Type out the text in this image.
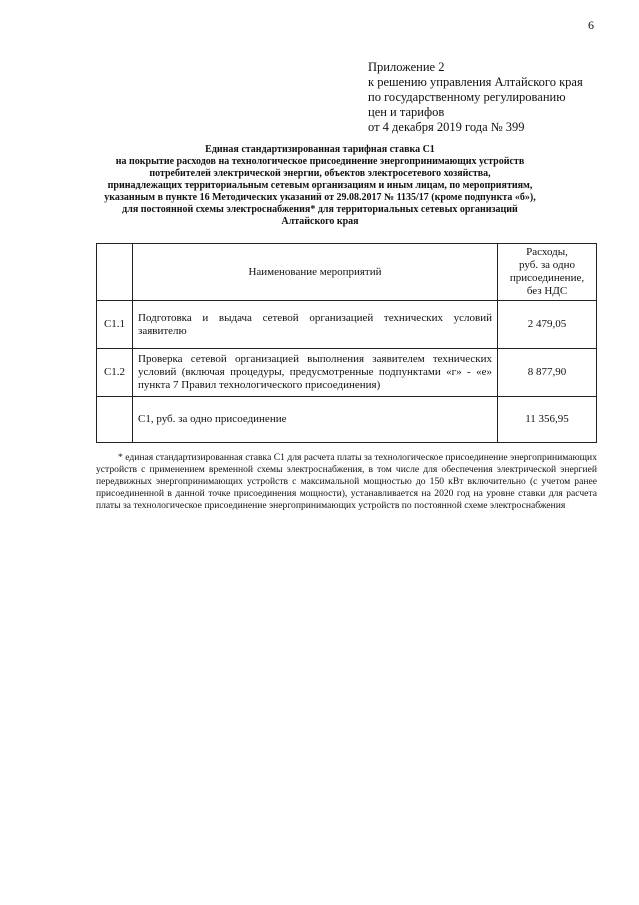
6
Приложение 2
к решению управления Алтайского края
по государственному регулированию
цен и тарифов
от 4 декабря 2019 года № 399
Единая стандартизированная тарифная ставка С1
на покрытие расходов на технологическое присоединение энергопринимающих устройств
потребителей электрической энергии, объектов электросетевого хозяйства,
принадлежащих территориальным сетевым организациям и иным лицам, по мероприятиям,
указанным в пункте 16 Методических указаний от 29.08.2017 № 1135/17 (кроме подпункта «б»),
для постоянной схемы электроснабжения* для территориальных сетевых организаций
Алтайского края
	Наименование мероприятий	Расходы,
руб. за одно
присоединение,
без НДС

С1.1	Подготовка и выдача сетевой организацией технических условий заявителю	2 479,05
С1.2	Проверка сетевой организацией выполнения заявителем технических условий (включая процедуры, предусмотренные подпунктами «г» - «е» пункта 7 Правил технологического присоединения)	8 877,90
	С1, руб. за одно присоединение	11 356,95
* единая стандартизированная ставка С1 для расчета платы за технологическое присоединение энергопринимающих устройств с применением временной схемы электроснабжения, в том числе для обеспечения электрической энергией передвижных энергопринимающих устройств с максимальной мощностью до 150 кВт включительно (с учетом ранее присоединенной в данной точке присоединения мощности), устанавливается на 2020 год на уровне ставки для расчета платы за технологическое присоединение энергопринимающих устройств по постоянной схеме электроснабжения
